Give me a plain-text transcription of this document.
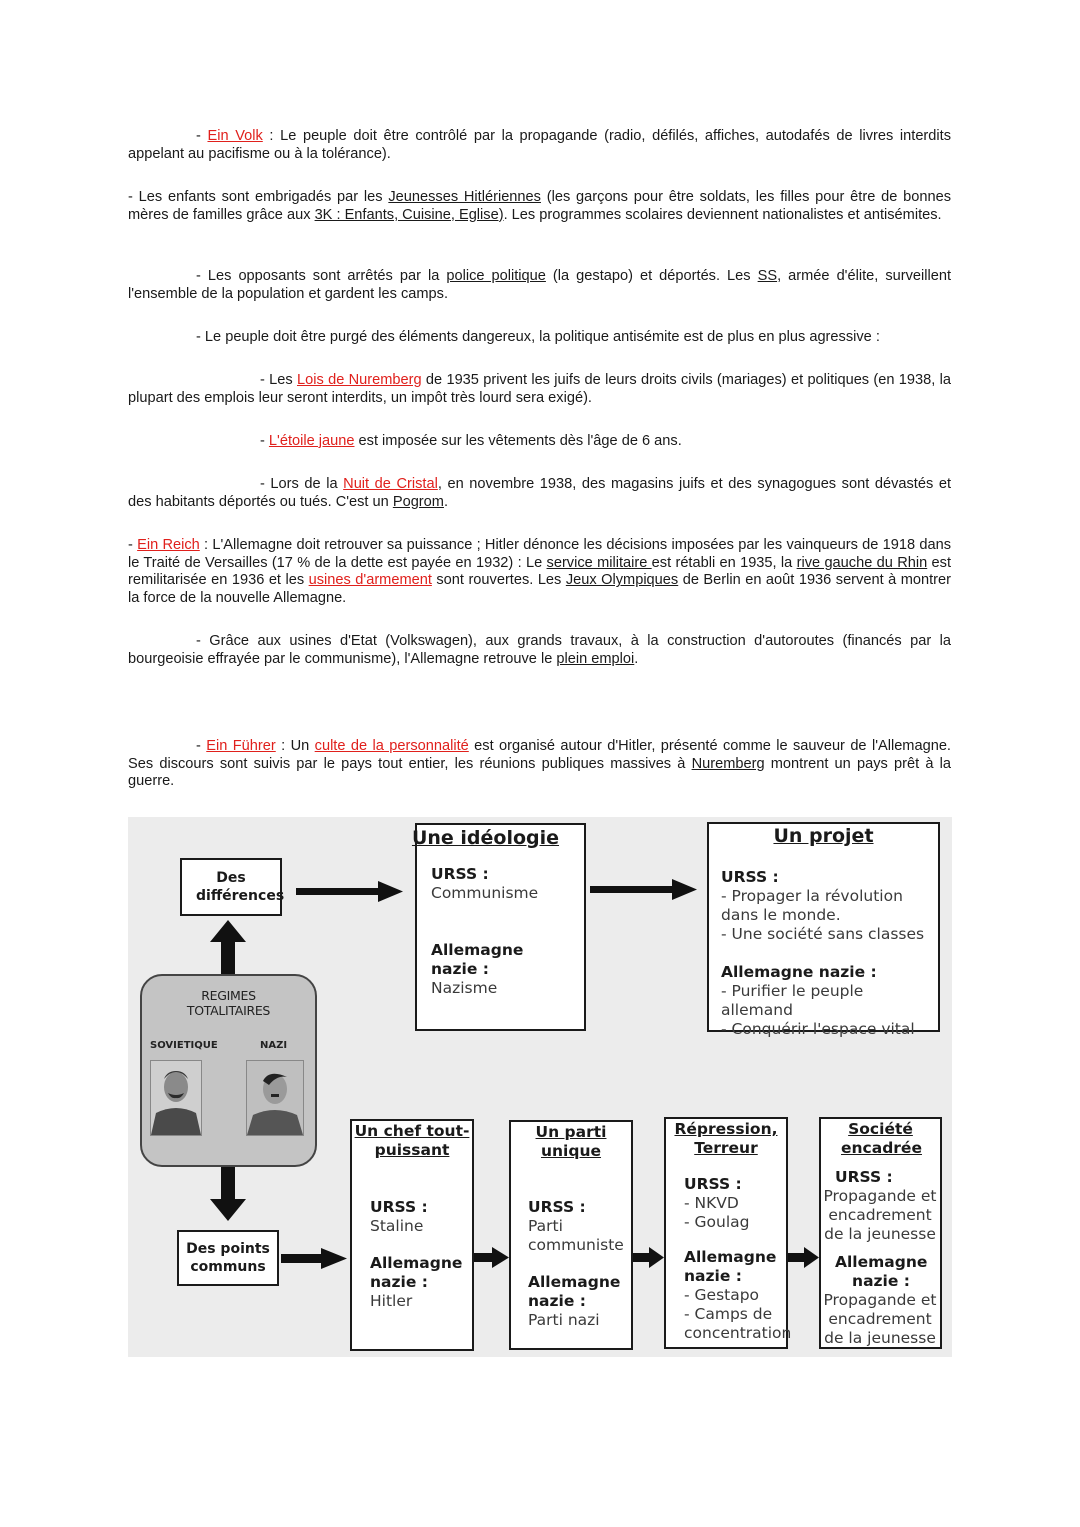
- Ein Volk : Le peuple doit être contrôlé par la propagande (radio, défilés, affiches, autodafés de livres interdits appelant au pacifisme ou à la tolérance).

- Les enfants sont embrigadés par les Jeunesses Hitlériennes (les garçons pour être soldats, les filles pour être de bonnes mères de familles grâce aux 3K : Enfants, Cuisine, Eglise). Les programmes scolaires deviennent nationalistes et antisémites.

- Les opposants sont arrêtés par la police politique (la gestapo) et déportés. Les SS, armée d'élite, surveillent l'ensemble de la population et gardent les camps.

- Le peuple doit être purgé des éléments dangereux, la politique antisémite est de plus en plus agressive :

- Les Lois de Nuremberg de 1935 privent les juifs de leurs droits civils (mariages) et politiques (en 1938, la plupart des emplois leur seront interdits, un impôt très lourd sera exigé).

- L'étoile jaune est imposée sur les vêtements dès l'âge de 6 ans.

- Lors de la Nuit de Cristal, en novembre 1938, des magasins juifs et des synagogues sont dévastés et des habitants déportés ou tués. C'est un Pogrom.

- Ein Reich : L'Allemagne doit retrouver sa puissance ; Hitler dénonce les décisions imposées par les vainqueurs de 1918 dans le Traité de Versailles (17 % de la dette est payée en 1932) : Le service militaire est rétabli en 1935, la rive gauche du Rhin est remilitarisée en 1936 et les usines d'armement sont rouvertes. Les Jeux Olympiques de Berlin en août 1936 servent à montrer la force de la nouvelle Allemagne.

- Grâce aux usines d'Etat (Volkswagen), aux grands travaux, à la construction d'autoroutes (financés par la bourgeoisie effrayée par le communisme), l'Allemagne retrouve le plein emploi.

- Ein Führer : Un culte de la personnalité est organisé autour d'Hitler, présenté comme le sauveur de l'Allemagne. Ses discours sont suivis par le pays tout entier, les réunions publiques massives à Nuremberg montrent un pays prêt à la guerre.

Des différences
REGIMES TOTALITAIRES
SOVIETIQUE	NAZI
Des points communs
Une idéologie
URSS :
Communisme
Allemagne nazie :
Nazisme
Un projet
URSS :
- Propager la révolution dans le monde.
- Une société sans classes
Allemagne nazie :
- Purifier le peuple allemand
- Conquérir l'espace vital
Un chef tout-puissant
URSS :
Staline
Allemagne nazie :
Hitler
Un parti unique
URSS :
Parti communiste
Allemagne nazie :
Parti nazi
Répression, Terreur
URSS :
- NKVD
- Goulag
Allemagne nazie :
- Gestapo
- Camps de concentration
Société encadrée
URSS :
Propagande et encadrement de la jeunesse
Allemagne nazie :
Propagande et encadrement de la jeunesse
